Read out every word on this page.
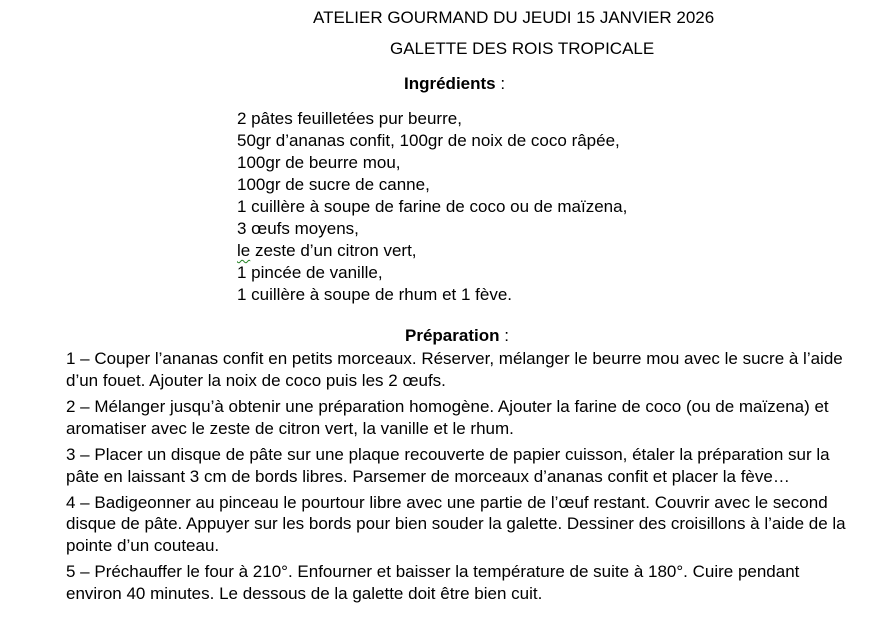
ATELIER GOURMAND DU JEUDI 15 JANVIER 2026
GALETTE DES ROIS TROPICALE
Ingrédients :
2 pâtes feuilletées pur beurre,
50gr d’ananas confit, 100gr de noix de coco râpée,
100gr de beurre mou,
100gr de sucre de canne,
1 cuillère à soupe de farine de coco ou de maïzena,
3 œufs moyens,
le zeste d’un citron vert,
1 pincée de vanille,
1 cuillère à soupe de rhum et 1 fève.
Préparation :

1 – Couper l’ananas confit en petits morceaux. Réserver, mélanger le beurre mou avec le sucre à l’aide d’un fouet. Ajouter la noix de coco puis les 2 œufs.

2 – Mélanger jusqu’à obtenir une préparation homogène. Ajouter la farine de coco (ou de maïzena) et aromatiser avec le zeste de citron vert, la vanille et le rhum.

3 – Placer un disque de pâte sur une plaque recouverte de papier cuisson, étaler la préparation sur la pâte en laissant 3 cm de bords libres. Parsemer de morceaux d’ananas confit et placer la fève…

4 – Badigeonner au pinceau le pourtour libre avec une partie de l’œuf restant. Couvrir avec le second disque de pâte. Appuyer sur les bords pour bien souder la galette. Dessiner des croisillons à l’aide de la pointe d’un couteau.

5 – Préchauffer le four à 210°. Enfourner et baisser la température de suite à 180°. Cuire pendant environ 40 minutes. Le dessous de la galette doit être bien cuit.
